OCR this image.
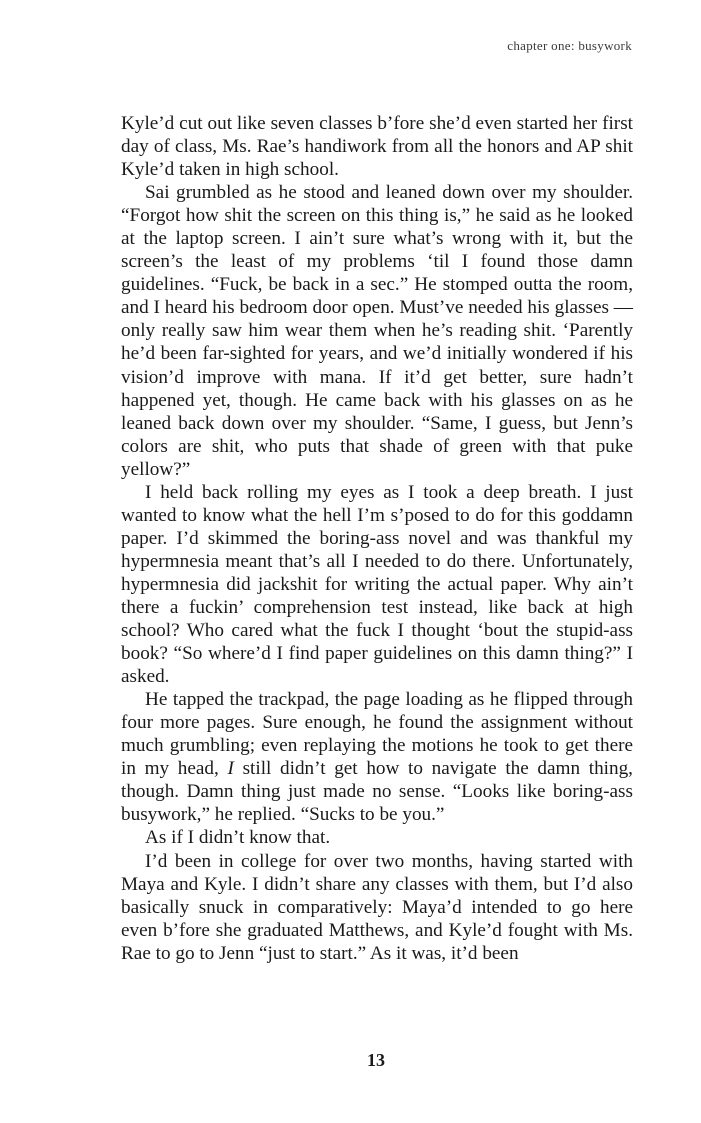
chapter one: busywork

Kyle’d cut out like seven classes b’fore she’d even started her first day of class, Ms. Rae’s handiwork from all the honors and AP shit Kyle’d taken in high school.

Sai grumbled as he stood and leaned down over my shoulder. “Forgot how shit the screen on this thing is,” he said as he looked at the laptop screen. I ain’t sure what’s wrong with it, but the screen’s the least of my problems ‘til I found those damn guidelines. “Fuck, be back in a sec.” He stomped outta the room, and I heard his bedroom door open. Must’ve needed his glasses — only really saw him wear them when he’s reading shit. ‘Parently he’d been far-sighted for years, and we’d initially wondered if his vision’d improve with mana. If it’d get better, sure hadn’t happened yet, though. He came back with his glasses on as he leaned back down over my shoulder. “Same, I guess, but Jenn’s colors are shit, who puts that shade of green with that puke yellow?”

I held back rolling my eyes as I took a deep breath. I just wanted to know what the hell I’m s’posed to do for this goddamn paper. I’d skimmed the boring-ass novel and was thankful my hypermnesia meant that’s all I needed to do there. Unfortunately, hypermnesia did jackshit for writing the actual paper. Why ain’t there a fuckin’ comprehension test instead, like back at high school? Who cared what the fuck I thought ‘bout the stupid-ass book? “So where’d I find paper guidelines on this damn thing?” I asked.

He tapped the trackpad, the page loading as he flipped through four more pages. Sure enough, he found the assignment without much grumbling; even replaying the motions he took to get there in my head, I still didn’t get how to navigate the damn thing, though. Damn thing just made no sense. “Looks like boring-ass busywork,” he replied. “Sucks to be you.”

As if I didn’t know that.

I’d been in college for over two months, having started with Maya and Kyle. I didn’t share any classes with them, but I’d also basically snuck in comparatively: Maya’d intended to go here even b’fore she graduated Matthews, and Kyle’d fought with Ms. Rae to go to Jenn “just to start.” As it was, it’d been

13
